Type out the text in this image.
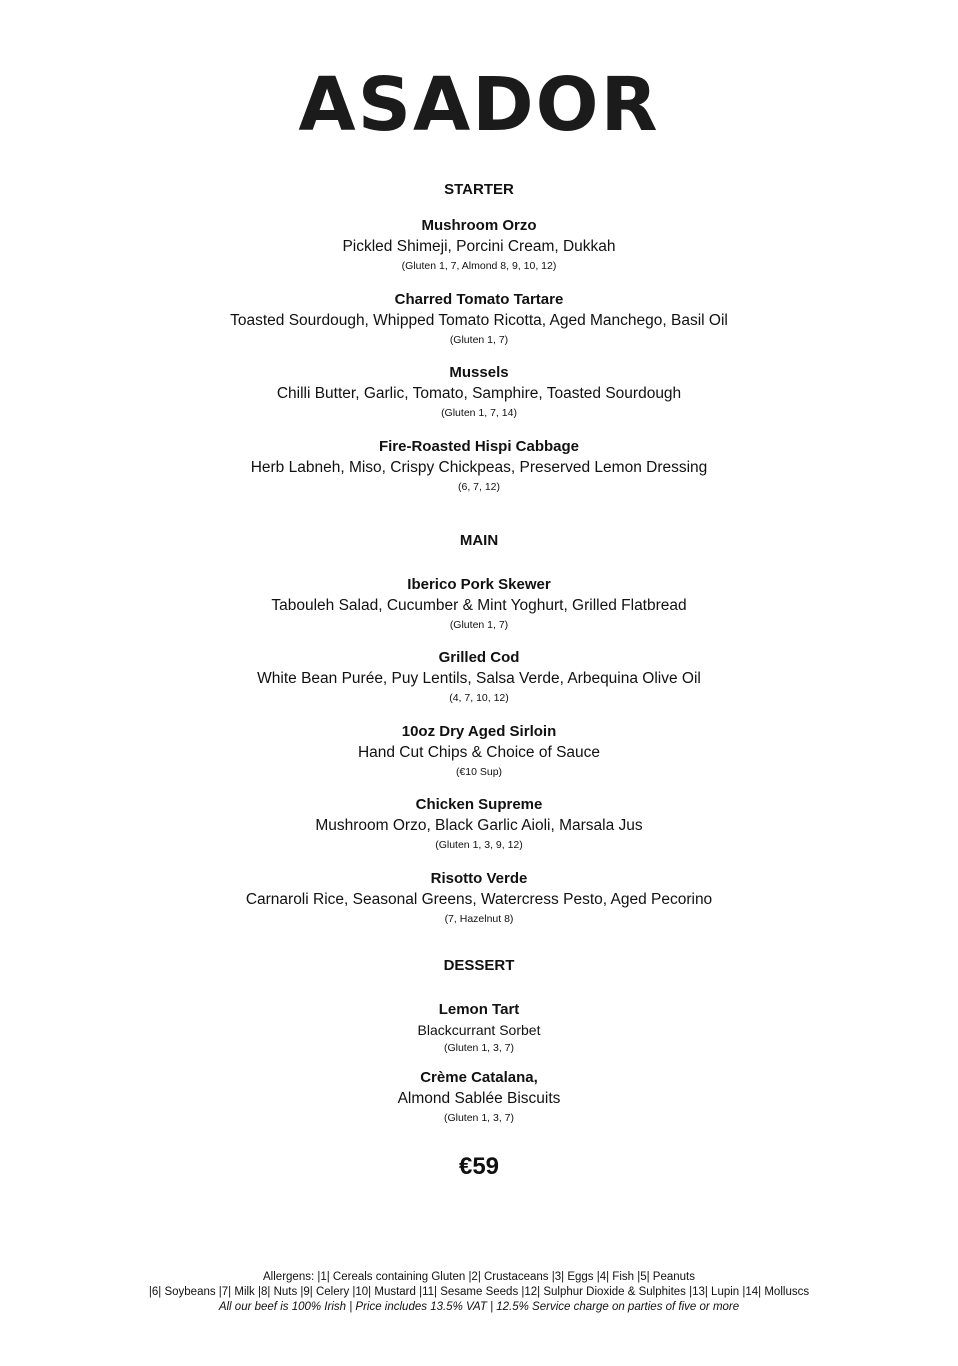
ASADOR
STARTER
Mushroom Orzo
Pickled Shimeji, Porcini Cream, Dukkah
(Gluten 1, 7, Almond 8, 9, 10, 12)
Charred Tomato Tartare
Toasted Sourdough, Whipped Tomato Ricotta, Aged Manchego, Basil Oil
(Gluten 1, 7)
Mussels
Chilli Butter, Garlic, Tomato, Samphire, Toasted Sourdough
(Gluten 1, 7, 14)
Fire-Roasted Hispi Cabbage
Herb Labneh, Miso, Crispy Chickpeas, Preserved Lemon Dressing
(6, 7, 12)
MAIN
Iberico Pork Skewer
Tabouleh Salad, Cucumber & Mint Yoghurt, Grilled Flatbread
(Gluten 1, 7)
Grilled Cod
White Bean Purée, Puy Lentils, Salsa Verde, Arbequina Olive Oil
(4, 7, 10, 12)
10oz Dry Aged Sirloin
Hand Cut Chips & Choice of Sauce
(€10 Sup)
Chicken Supreme
Mushroom Orzo, Black Garlic Aioli, Marsala Jus
(Gluten 1, 3, 9, 12)
Risotto Verde
Carnaroli Rice, Seasonal Greens, Watercress Pesto, Aged Pecorino
(7, Hazelnut 8)
DESSERT
Lemon Tart
Blackcurrant Sorbet
(Gluten 1, 3, 7)
Crème Catalana,
Almond Sablée Biscuits
(Gluten 1, 3, 7)
€59
Allergens: |1| Cereals containing Gluten |2| Crustaceans |3| Eggs |4| Fish |5| Peanuts
|6| Soybeans |7| Milk |8| Nuts |9| Celery |10| Mustard |11| Sesame Seeds |12| Sulphur Dioxide & Sulphites |13| Lupin |14| Molluscs
All our beef is 100% Irish | Price includes 13.5% VAT | 12.5% Service charge on parties of five or more
